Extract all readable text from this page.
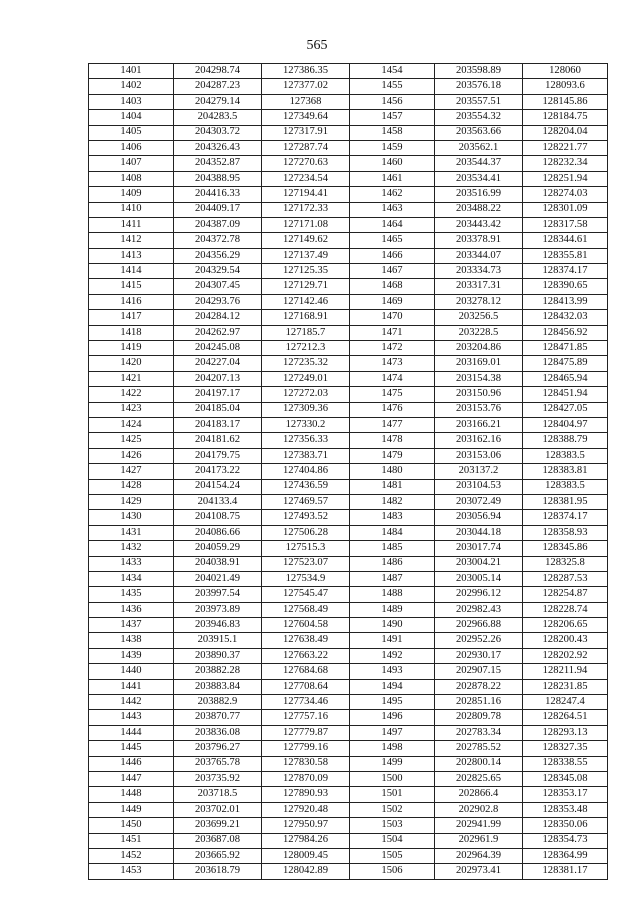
565
1401	204298.74	127386.35	1454	203598.89	128060
1402	204287.23	127377.02	1455	203576.18	128093.6
1403	204279.14	127368	1456	203557.51	128145.86
1404	204283.5	127349.64	1457	203554.32	128184.75
1405	204303.72	127317.91	1458	203563.66	128204.04
1406	204326.43	127287.74	1459	203562.1	128221.77
1407	204352.87	127270.63	1460	203544.37	128232.34
1408	204388.95	127234.54	1461	203534.41	128251.94
1409	204416.33	127194.41	1462	203516.99	128274.03
1410	204409.17	127172.33	1463	203488.22	128301.09
1411	204387.09	127171.08	1464	203443.42	128317.58
1412	204372.78	127149.62	1465	203378.91	128344.61
1413	204356.29	127137.49	1466	203344.07	128355.81
1414	204329.54	127125.35	1467	203334.73	128374.17
1415	204307.45	127129.71	1468	203317.31	128390.65
1416	204293.76	127142.46	1469	203278.12	128413.99
1417	204284.12	127168.91	1470	203256.5	128432.03
1418	204262.97	127185.7	1471	203228.5	128456.92
1419	204245.08	127212.3	1472	203204.86	128471.85
1420	204227.04	127235.32	1473	203169.01	128475.89
1421	204207.13	127249.01	1474	203154.38	128465.94
1422	204197.17	127272.03	1475	203150.96	128451.94
1423	204185.04	127309.36	1476	203153.76	128427.05
1424	204183.17	127330.2	1477	203166.21	128404.97
1425	204181.62	127356.33	1478	203162.16	128388.79
1426	204179.75	127383.71	1479	203153.06	128383.5
1427	204173.22	127404.86	1480	203137.2	128383.81
1428	204154.24	127436.59	1481	203104.53	128383.5
1429	204133.4	127469.57	1482	203072.49	128381.95
1430	204108.75	127493.52	1483	203056.94	128374.17
1431	204086.66	127506.28	1484	203044.18	128358.93
1432	204059.29	127515.3	1485	203017.74	128345.86
1433	204038.91	127523.07	1486	203004.21	128325.8
1434	204021.49	127534.9	1487	203005.14	128287.53
1435	203997.54	127545.47	1488	202996.12	128254.87
1436	203973.89	127568.49	1489	202982.43	128228.74
1437	203946.83	127604.58	1490	202966.88	128206.65
1438	203915.1	127638.49	1491	202952.26	128200.43
1439	203890.37	127663.22	1492	202930.17	128202.92
1440	203882.28	127684.68	1493	202907.15	128211.94
1441	203883.84	127708.64	1494	202878.22	128231.85
1442	203882.9	127734.46	1495	202851.16	128247.4
1443	203870.77	127757.16	1496	202809.78	128264.51
1444	203836.08	127779.87	1497	202783.34	128293.13
1445	203796.27	127799.16	1498	202785.52	128327.35
1446	203765.78	127830.58	1499	202800.14	128338.55
1447	203735.92	127870.09	1500	202825.65	128345.08
1448	203718.5	127890.93	1501	202866.4	128353.17
1449	203702.01	127920.48	1502	202902.8	128353.48
1450	203699.21	127950.97	1503	202941.99	128350.06
1451	203687.08	127984.26	1504	202961.9	128354.73
1452	203665.92	128009.45	1505	202964.39	128364.99
1453	203618.79	128042.89	1506	202973.41	128381.17
